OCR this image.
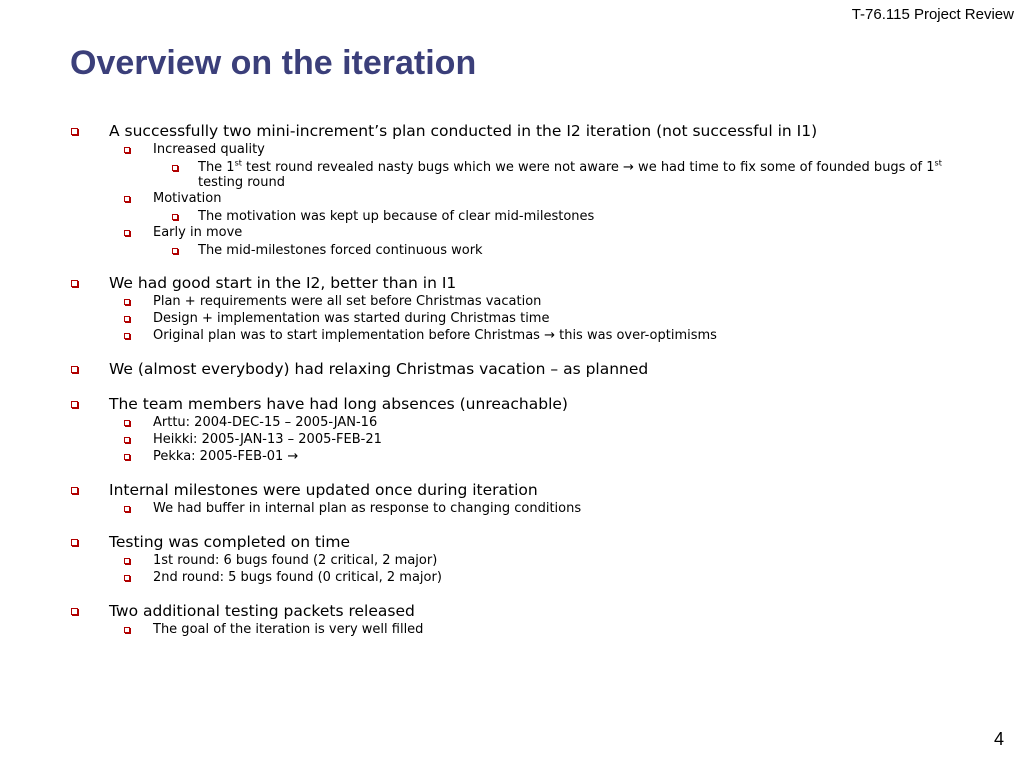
T-76.115 Project Review
Overview on the iteration
A successfully two mini-increment’s plan conducted in the I2 iteration (not successful in I1)
Increased quality
The 1st test round revealed nasty bugs which we were not aware → we had time to fix some of founded bugs of 1st testing round
Motivation
The motivation was kept up because of clear mid-milestones
Early in move
The mid-milestones forced continuous work
We had good start in the I2, better than in I1
Plan + requirements were all set before Christmas vacation
Design + implementation was started during Christmas time
Original plan was to start implementation before Christmas → this was over-optimisms
We (almost everybody) had relaxing Christmas vacation – as planned
The team members have had long absences (unreachable)
Arttu: 2004-DEC-15 – 2005-JAN-16
Heikki: 2005-JAN-13 – 2005-FEB-21
Pekka: 2005-FEB-01 →
Internal milestones were updated once during iteration
We had buffer in internal plan as response to changing conditions
Testing was completed on time
1st round: 6 bugs found (2 critical, 2 major)
2nd round: 5 bugs found (0 critical, 2 major)
Two additional testing packets released
The goal of the iteration is very well filled
4
